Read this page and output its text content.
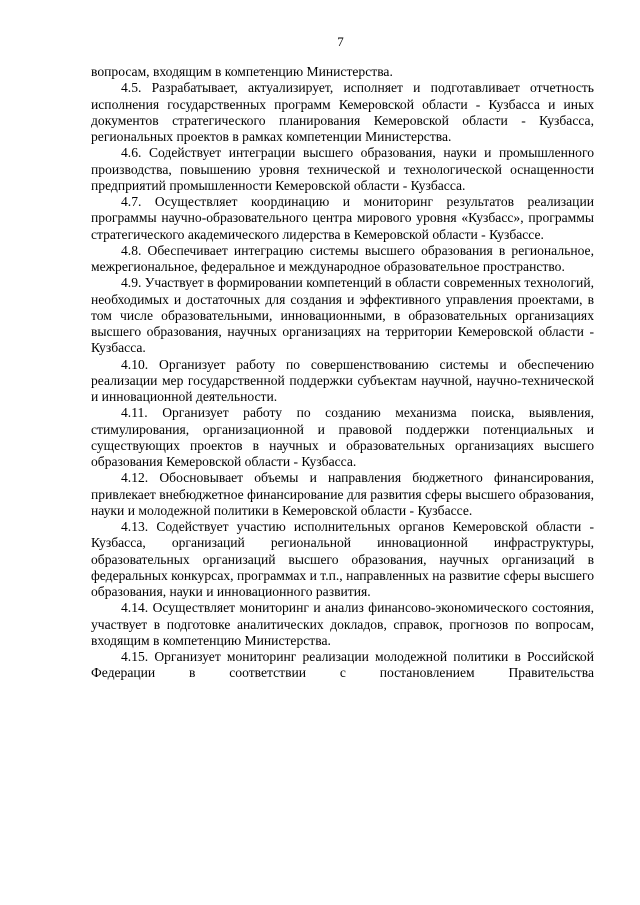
7

вопросам, входящим в компетенцию Министерства.

4.5. Разрабатывает, актуализирует, исполняет и подготавливает отчетность исполнения государственных программ Кемеровской области - Кузбасса и иных документов стратегического планирования Кемеровской области - Кузбасса, региональных проектов в рамках компетенции Министерства.

4.6. Содействует интеграции высшего образования, науки и промышленного производства, повышению уровня технической и технологической оснащенности предприятий промышленности Кемеровской области - Кузбасса.

4.7. Осуществляет координацию и мониторинг результатов реализации программы научно-образовательного центра мирового уровня «Кузбасс», программы стратегического академического лидерства в Кемеровской области - Кузбассе.

4.8. Обеспечивает интеграцию системы высшего образования в региональное, межрегиональное, федеральное и международное образовательное пространство.

4.9. Участвует в формировании компетенций в области современных технологий, необходимых и достаточных для создания и эффективного управления проектами, в том числе образовательными, инновационными, в образовательных организациях высшего образования, научных организациях на территории Кемеровской области - Кузбасса.

4.10. Организует работу по совершенствованию системы и обеспечению реализации мер государственной поддержки субъектам научной, научно-технической и инновационной деятельности.

4.11. Организует работу по созданию механизма поиска, выявления, стимулирования, организационной и правовой поддержки потенциальных и существующих проектов в научных и образовательных организациях высшего образования Кемеровской области - Кузбасса.

4.12. Обосновывает объемы и направления бюджетного финансирования, привлекает внебюджетное финансирование для развития сферы высшего образования, науки и молодежной политики в Кемеровской области - Кузбассе.

4.13. Содействует участию исполнительных органов Кемеровской области - Кузбасса, организаций региональной инновационной инфраструктуры, образовательных организаций высшего образования, научных организаций в федеральных конкурсах, программах и т.п., направленных на развитие сферы высшего образования, науки и инновационного развития.

4.14. Осуществляет мониторинг и анализ финансово-экономического состояния, участвует в подготовке аналитических докладов, справок, прогнозов по вопросам, входящим в компетенцию Министерства.

4.15. Организует мониторинг реализации молодежной политики в Российской Федерации в соответствии с постановлением Правительства
